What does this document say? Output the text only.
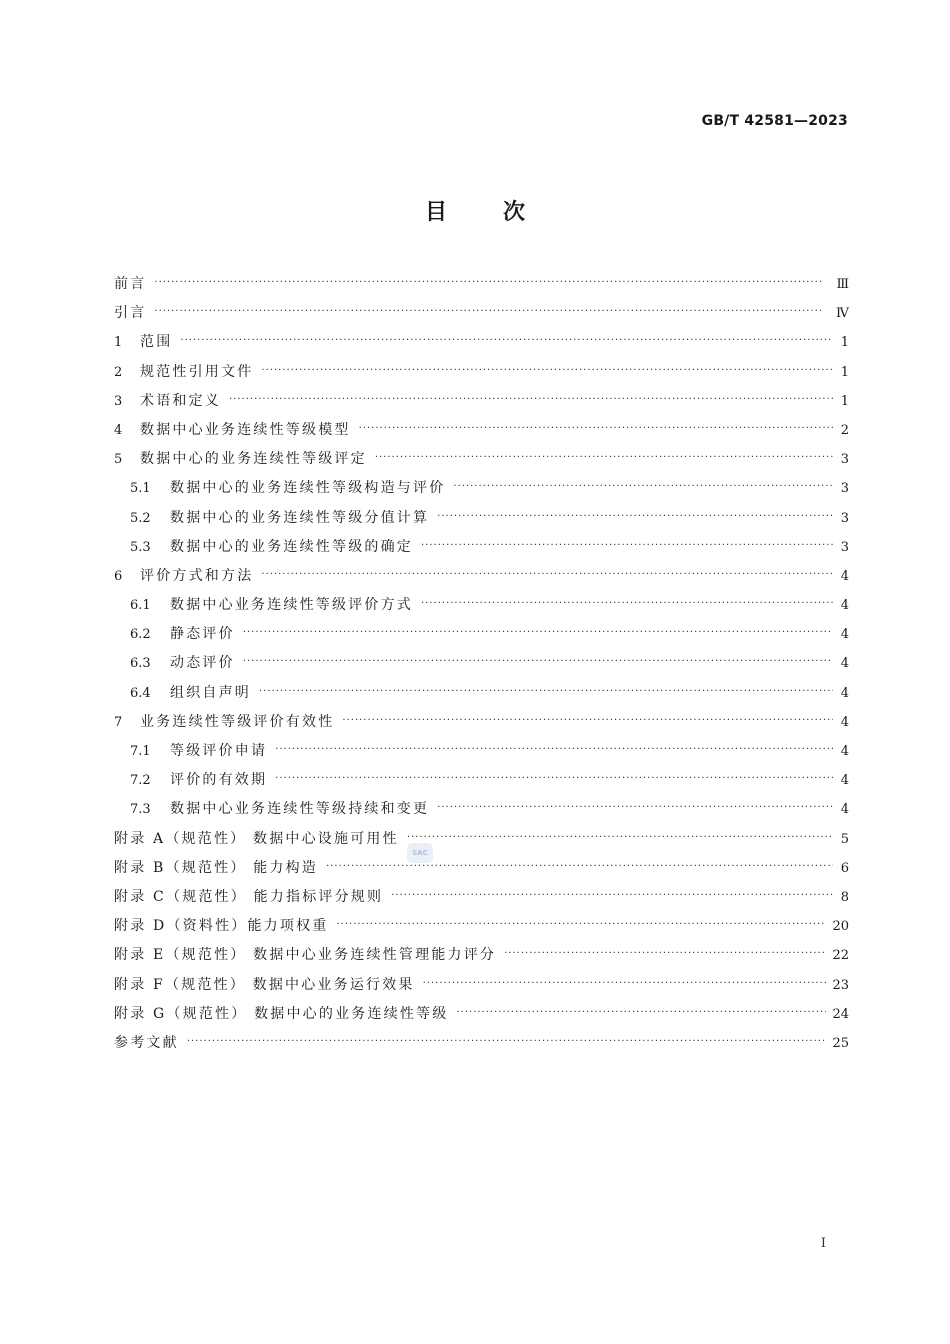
GB/T 42581—2023
目次
前言 ·····	Ⅲ
引言 ·····	Ⅳ
1	范围 ·····	1
2	规范性引用文件 ·····	1
3	术语和定义 ·····	1
4	数据中心业务连续性等级模型 ·····	2
5	数据中心的业务连续性等级评定 ·····	3
5.1	数据中心的业务连续性等级构造与评价 ·····	3
5.2	数据中心的业务连续性等级分值计算 ·····	3
5.3	数据中心的业务连续性等级的确定 ·····	3
6	评价方式和方法 ·····	4
6.1	数据中心业务连续性等级评价方式 ·····	4
6.2	静态评价 ·····	4
6.3	动态评价 ·····	4
6.4	组织自声明 ·····	4
7	业务连续性等级评价有效性 ·····	4
7.1	等级评价申请 ·····	4
7.2	评价的有效期 ·····	4
7.3	数据中心业务连续性等级持续和变更 ·····	4
附录 A（规范性） 数据中心设施可用性 ·····	5
附录 B（规范性） 能力构造 ·····	6
附录 C（规范性） 能力指标评分规则 ·····	8
附录 D（资料性）能力项权重 ·····	20
附录 E（规范性） 数据中心业务连续性管理能力评分 ·····	22
附录 F（规范性） 数据中心业务运行效果 ·····	23
附录 G（规范性） 数据中心的业务连续性等级 ·····	24
参考文献 ·····	25
SAC
I
